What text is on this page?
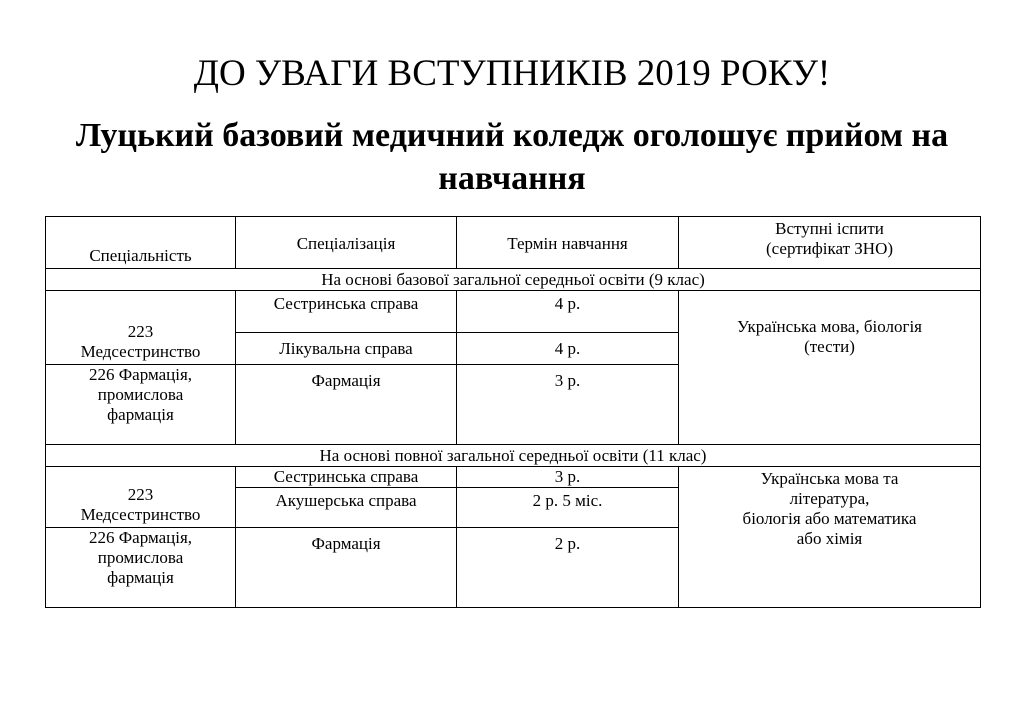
ДО УВАГИ ВСТУПНИКІВ 2019 РОКУ!
Луцький базовий медичний коледж оголошує прийом на навчання
Спеціальність	Спеціалізація	Термін навчання	Вступні іспити
(сертифікат ЗНО)
На основі базової загальної середньої освіти (9 клас)			
223
Медсестринство	Сестринська справа	4 р.	Українська мова, біологія
(тести)
	Лікувальна справа	4 р.	
226 Фармація,
промислова
фармація	Фармація	3 р.	
На основі повної загальної середньої освіти (11 клас)			
223
Медсестринство	Сестринська справа	3 р.	Українська мова та
література,
біологія або математика
або хімія
	Акушерська справа	2 р. 5 міс.	
226 Фармація,
промислова
фармація	Фармація	2 р.	
